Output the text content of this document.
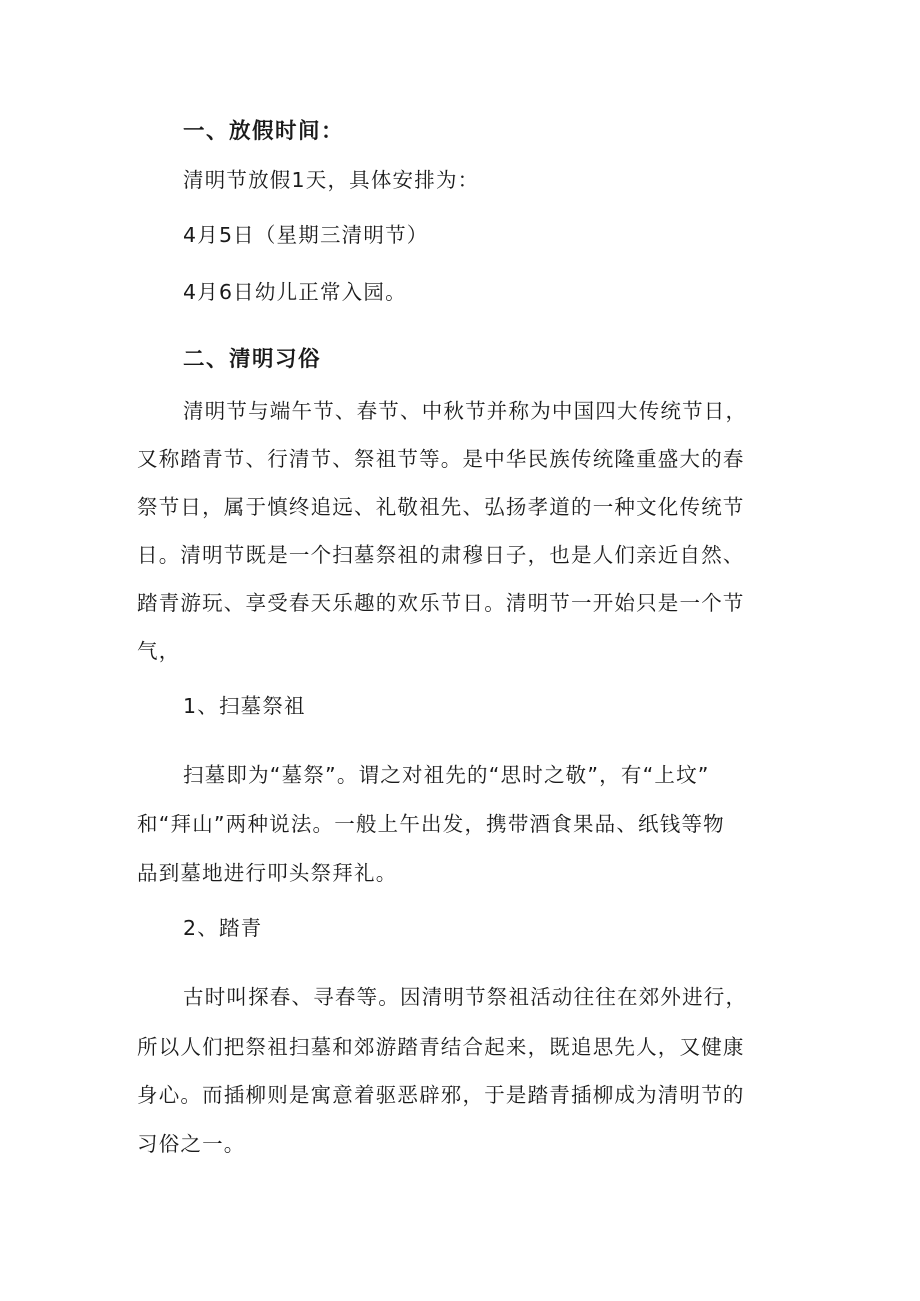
一、放假时间：
清明节放假1天，具体安排为：
4月5日（星期三清明节）
4月6日幼儿正常入园。
二、清明习俗
清明节与端午节、春节、中秋节并称为中国四大传统节日，
又称踏青节、行清节、祭祖节等。是中华民族传统隆重盛大的春
祭节日，属于慎终追远、礼敬祖先、弘扬孝道的一种文化传统节
日。清明节既是一个扫墓祭祖的肃穆日子，也是人们亲近自然、
踏青游玩、享受春天乐趣的欢乐节日。清明节一开始只是一个节
气，
1、扫墓祭祖
扫墓即为“墓祭”。谓之对祖先的“思时之敬”，有“上坟”
和“拜山”两种说法。一般上午出发，携带酒食果品、纸钱等物
品到墓地进行叩头祭拜礼。
2、踏青
古时叫探春、寻春等。因清明节祭祖活动往往在郊外进行，
所以人们把祭祖扫墓和郊游踏青结合起来，既追思先人，又健康
身心。而插柳则是寓意着驱恶辟邪，于是踏青插柳成为清明节的
习俗之一。
